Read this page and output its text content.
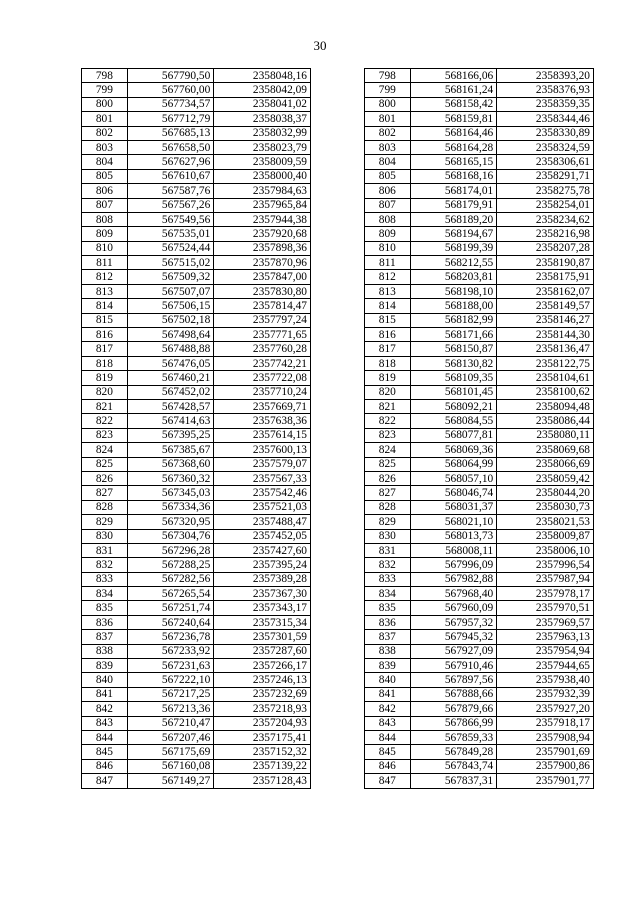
30
798	567790,50	2358048,16		798	568166,06	2358393,20
799	567760,00	2358042,09		799	568161,24	2358376,93
800	567734,57	2358041,02		800	568158,42	2358359,35
801	567712,79	2358038,37		801	568159,81	2358344,46
802	567685,13	2358032,99		802	568164,46	2358330,89
803	567658,50	2358023,79		803	568164,28	2358324,59
804	567627,96	2358009,59		804	568165,15	2358306,61
805	567610,67	2358000,40		805	568168,16	2358291,71
806	567587,76	2357984,63		806	568174,01	2358275,78
807	567567,26	2357965,84		807	568179,91	2358254,01
808	567549,56	2357944,38		808	568189,20	2358234,62
809	567535,01	2357920,68		809	568194,67	2358216,98
810	567524,44	2357898,36		810	568199,39	2358207,28
811	567515,02	2357870,96		811	568212,55	2358190,87
812	567509,32	2357847,00		812	568203,81	2358175,91
813	567507,07	2357830,80		813	568198,10	2358162,07
814	567506,15	2357814,47		814	568188,00	2358149,57
815	567502,18	2357797,24		815	568182,99	2358146,27
816	567498,64	2357771,65		816	568171,66	2358144,30
817	567488,88	2357760,28		817	568150,87	2358136,47
818	567476,05	2357742,21		818	568130,82	2358122,75
819	567460,21	2357722,08		819	568109,35	2358104,61
820	567452,02	2357710,24		820	568101,45	2358100,62
821	567428,57	2357669,71		821	568092,21	2358094,48
822	567414,63	2357638,36		822	568084,55	2358086,44
823	567395,25	2357614,15		823	568077,81	2358080,11
824	567385,67	2357600,13		824	568069,36	2358069,68
825	567368,60	2357579,07		825	568064,99	2358066,69
826	567360,32	2357567,33		826	568057,10	2358059,42
827	567345,03	2357542,46		827	568046,74	2358044,20
828	567334,36	2357521,03		828	568031,37	2358030,73
829	567320,95	2357488,47		829	568021,10	2358021,53
830	567304,76	2357452,05		830	568013,73	2358009,87
831	567296,28	2357427,60		831	568008,11	2358006,10
832	567288,25	2357395,24		832	567996,09	2357996,54
833	567282,56	2357389,28		833	567982,88	2357987,94
834	567265,54	2357367,30		834	567968,40	2357978,17
835	567251,74	2357343,17		835	567960,09	2357970,51
836	567240,64	2357315,34		836	567957,32	2357969,57
837	567236,78	2357301,59		837	567945,32	2357963,13
838	567233,92	2357287,60		838	567927,09	2357954,94
839	567231,63	2357266,17		839	567910,46	2357944,65
840	567222,10	2357246,13		840	567897,56	2357938,40
841	567217,25	2357232,69		841	567888,66	2357932,39
842	567213,36	2357218,93		842	567879,66	2357927,20
843	567210,47	2357204,93		843	567866,99	2357918,17
844	567207,46	2357175,41		844	567859,33	2357908,94
845	567175,69	2357152,32		845	567849,28	2357901,69
846	567160,08	2357139,22		846	567843,74	2357900,86
847	567149,27	2357128,43		847	567837,31	2357901,77
